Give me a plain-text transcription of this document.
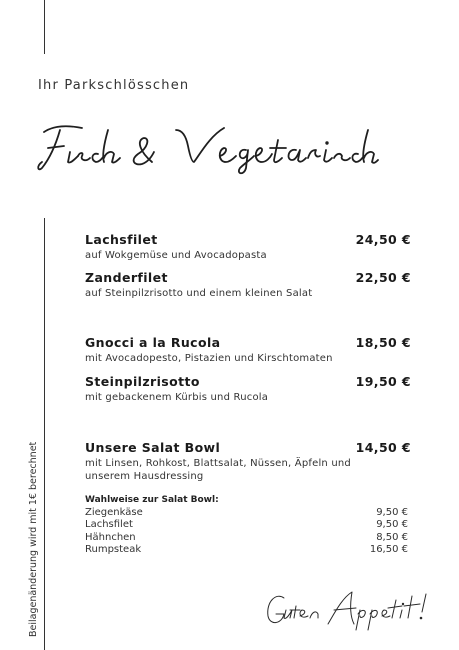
Ihr Parkschlösschen
Beilagenänderung wird mit 1€ berechnet
Lachsfilet	24,50 €
auf Wokgemüse und Avocadopasta
Zanderfilet	22,50 €
auf Steinpilzrisotto und einem kleinen Salat
Gnocci a la Rucola	18,50 €
mit Avocadopesto, Pistazien und Kirschtomaten
Steinpilzrisotto	19,50 €
mit gebackenem Kürbis und Rucola
Unsere Salat Bowl	14,50 €
mit Linsen, Rohkost, Blattsalat, Nüssen, Äpfeln und unserem Hausdressing
Wahlweise zur Salat Bowl:
Ziegenkäse	9,50 €
Lachsfilet	9,50 €
Hähnchen	8,50 €
Rumpsteak	16,50 €
